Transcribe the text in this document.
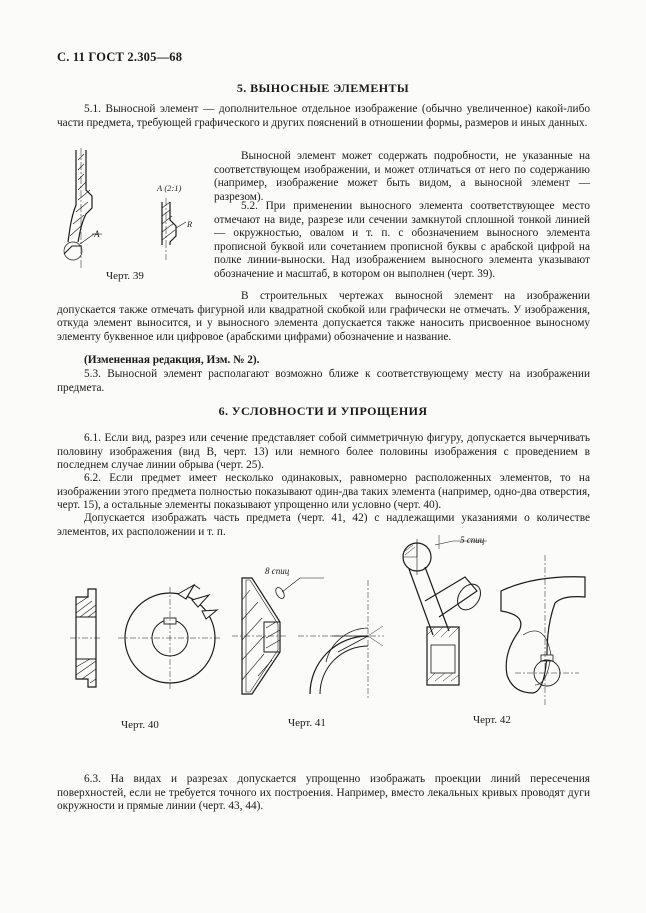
С. 11 ГОСТ 2.305—68
5. ВЫНОСНЫЕ ЭЛЕМЕНТЫ
5.1. Выносной элемент — дополнительное отдельное изображение (обычно увеличенное) какой-либо части предмета, требующей графического и других пояснений в отношении формы, размеров и иных данных.
А
А (2:1)
R
Черт. 39
Выносной элемент может содержать подробности, не указанные на соответствующем изображении, и может отличаться от него по содержанию (например, изображение может быть видом, а выносной элемент — разрезом).
5.2. При применении выносного элемента соответствующее место отмечают на виде, разрезе или сечении замкнутой сплошной тонкой линией — окружностью, овалом и т. п. с обозначением выносного элемента прописной буквой или сочетанием прописной буквы с арабской цифрой на полке линии-выноски. Над изображением выносного элемента указывают обозначение и масштаб, в котором он выполнен (черт. 39).
В строительных чертежах выносной элемент на изображении допускается также отмечать фигурной или квадратной скобкой или графически не отмечать. У изображения, откуда элемент выносится, и у выносного элемента допускается также наносить присвоенное выносному элементу буквенное или цифровое (арабскими цифрами) обозначение и название.
(Измененная редакция, Изм. № 2).
5.3. Выносной элемент располагают возможно ближе к соответствующему месту на изображении предмета.
6. УСЛОВНОСТИ И УПРОЩЕНИЯ
6.1. Если вид, разрез или сечение представляет собой симметричную фигуру, допускается вычерчивать половину изображения (вид В, черт. 13) или немного более половины изображения с проведением в последнем случае линии обрыва (черт. 25).
6.2. Если предмет имеет несколько одинаковых, равномерно расположенных элементов, то на изображении этого предмета полностью показывают один-два таких элемента (например, одно-два отверстия, черт. 15), а остальные элементы показывают упрощенно или условно (черт. 40).
Допускается изображать часть предмета (черт. 41, 42) с надлежащими указаниями о количестве элементов, их расположении и т. п.
Черт. 40
8 спиц
Черт. 41
5 спиц
Черт. 42
6.3. На видах и разрезах допускается упрощенно изображать проекции линий пересечения поверхностей, если не требуется точного их построения. Например, вместо лекальных кривых проводят дуги окружности и прямые линии (черт. 43, 44).
